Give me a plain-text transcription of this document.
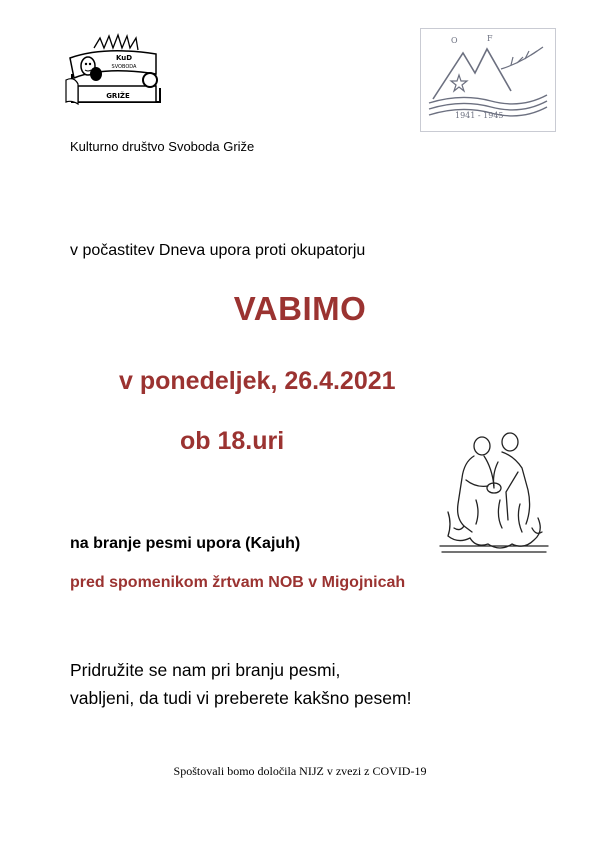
KuD
SVOBODA
GRIŽE
O	F
1941 - 1945
Kulturno društvo Svoboda Griže
v počastitev Dneva upora proti okupatorju
VABIMO
v ponedeljek, 26.4.2021
ob 18.uri
na branje pesmi upora (Kajuh)
pred spomenikom žrtvam NOB v Migojnicah
Pridružite se nam pri branju pesmi,
vabljeni, da tudi vi preberete kakšno pesem!
Spoštovali bomo določila NIJZ v zvezi z COVID-19
